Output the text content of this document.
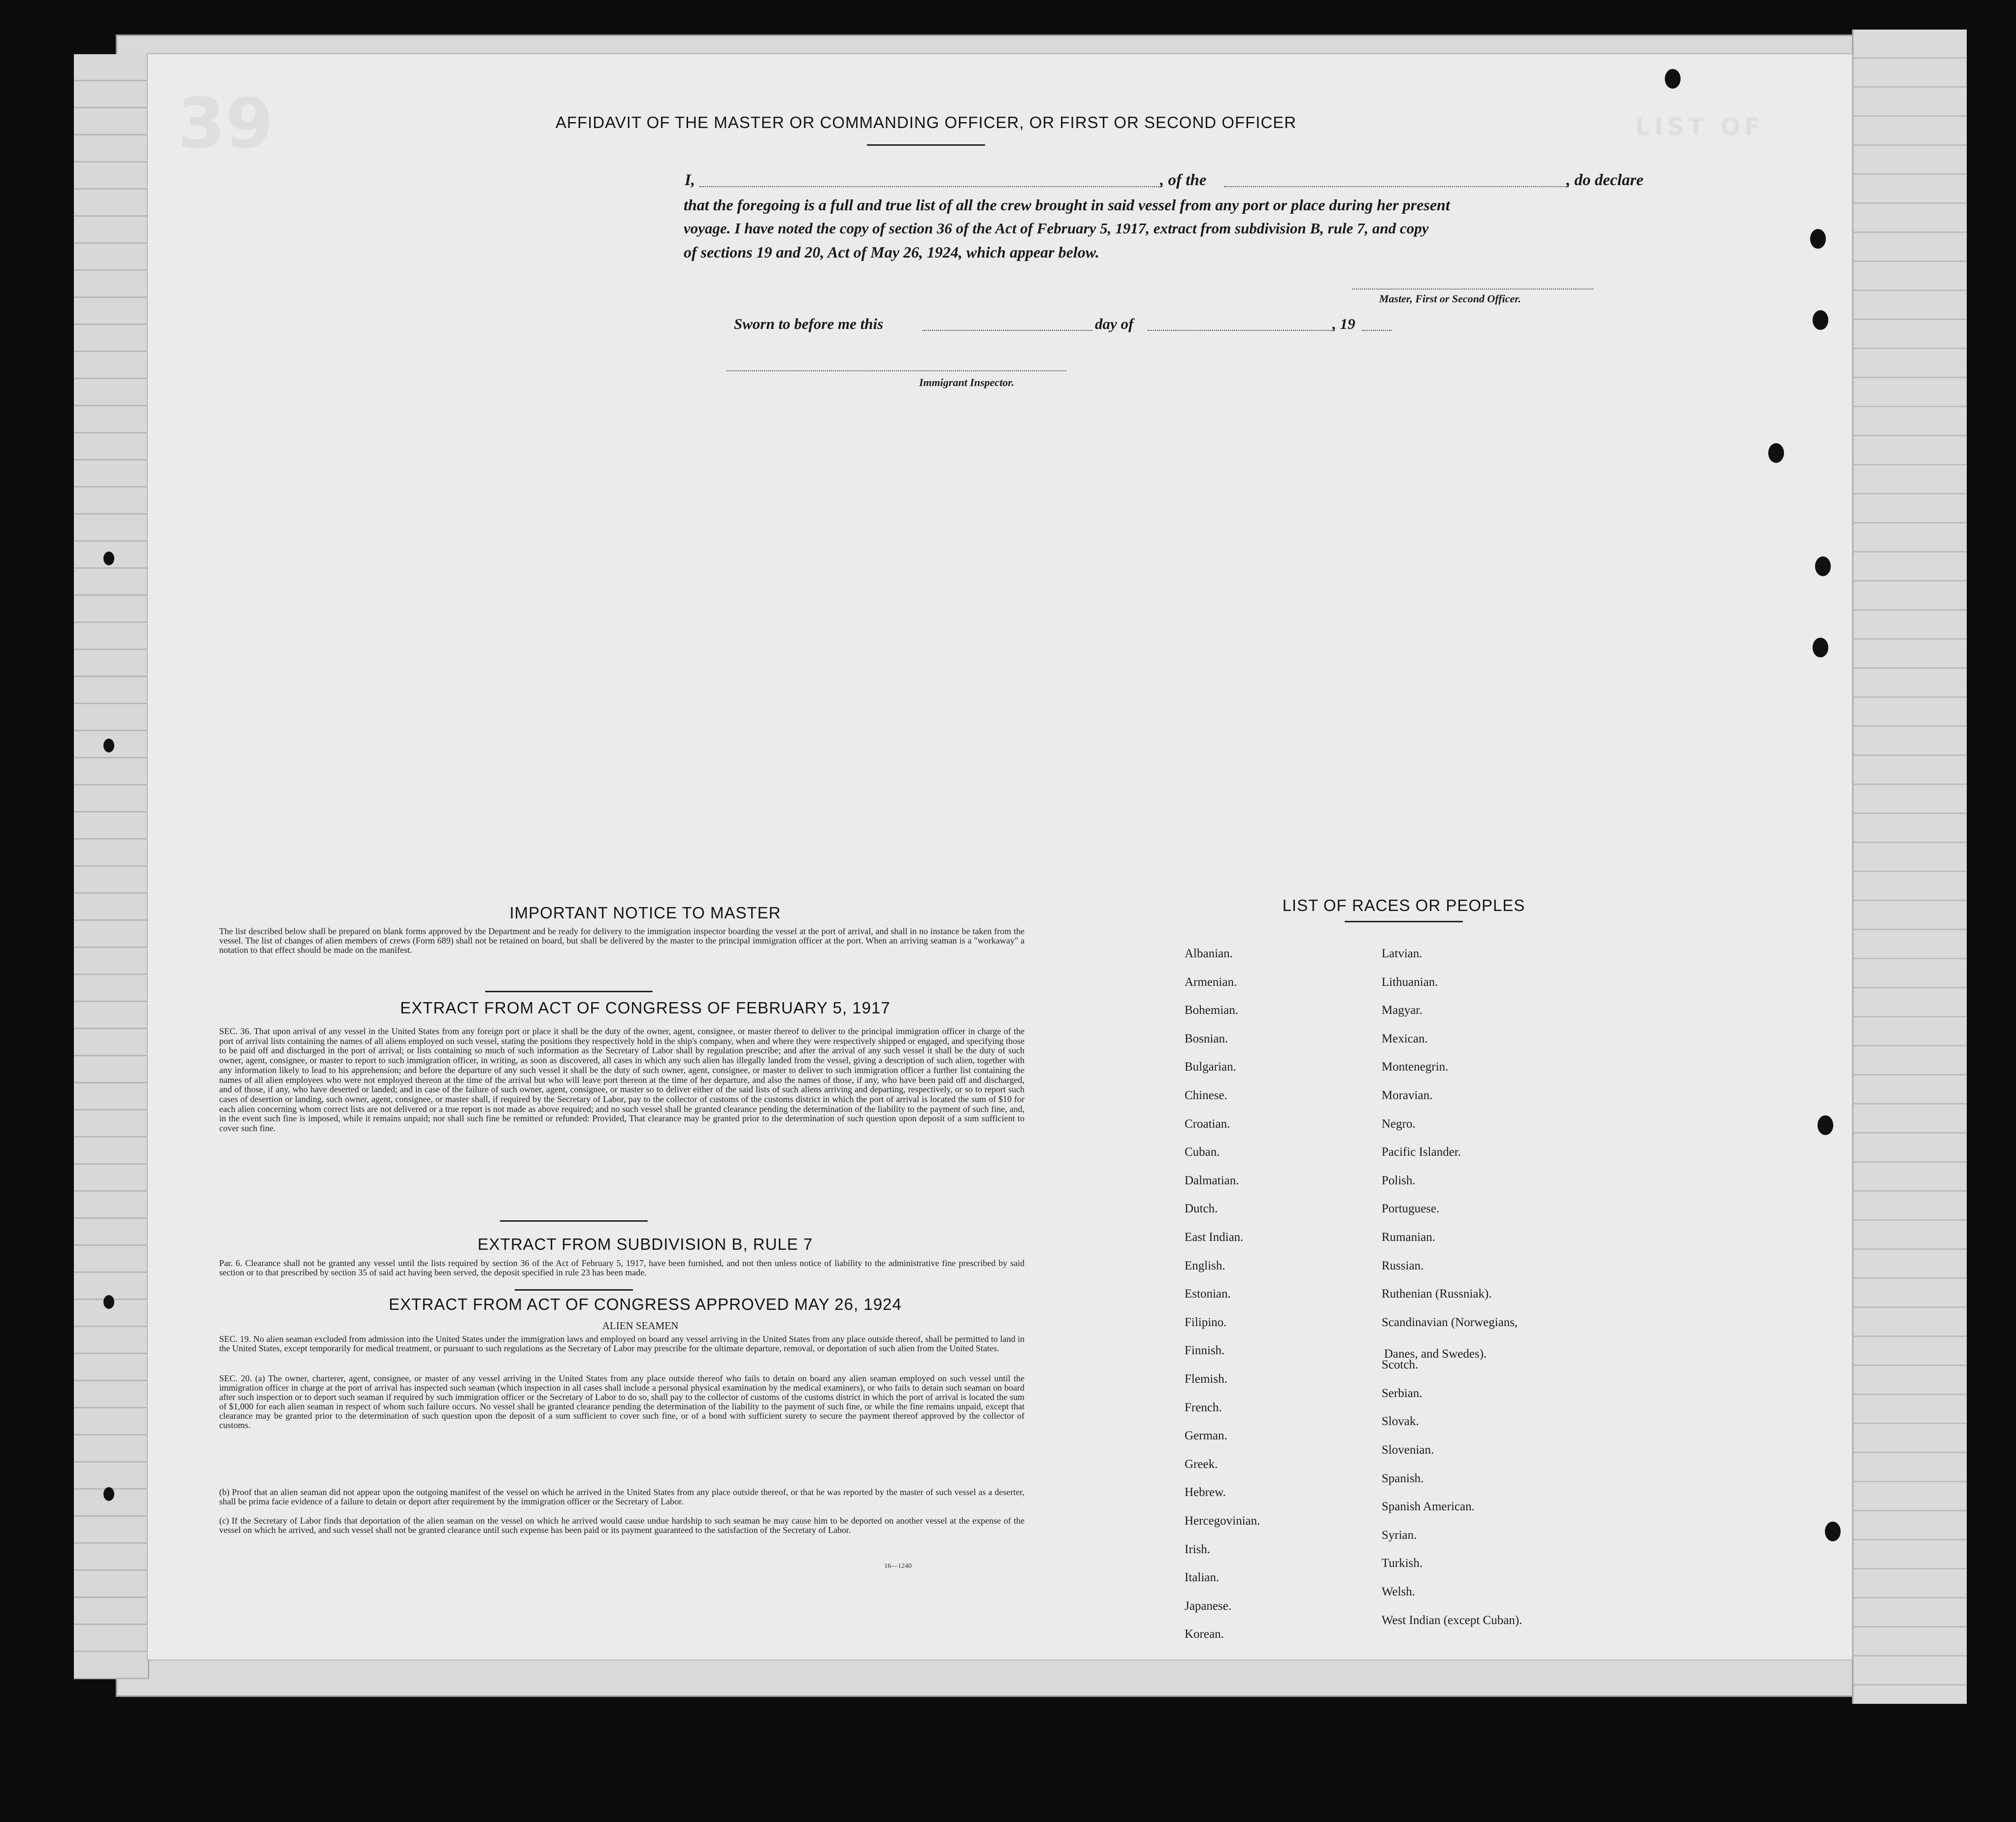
39	LIST OF
AFFIDAVIT OF THE MASTER OR COMMANDING OFFICER, OR FIRST OR SECOND OFFICER
I,	, of the	, do declare
that the foregoing is a full and true list of all the crew brought in said vessel from any port or place during her present
voyage. I have noted the copy of section 36 of the Act of February 5, 1917, extract from subdivision B, rule 7, and copy
of sections 19 and 20, Act of May 26, 1924, which appear below.
Master, First or Second Officer.
Sworn to before me this	day of	, 19
Immigrant Inspector.
IMPORTANT NOTICE TO MASTER

The list described below shall be prepared on blank forms approved by the Department and be ready for delivery to the immigration inspector boarding the vessel at the port of arrival, and shall in no instance be taken from the vessel. The list of changes of alien members of crews (Form 689) shall not be retained on board, but shall be delivered by the master to the principal immigration officer at the port. When an arriving seaman is a "workaway" a notation to that effect should be made on the manifest.

EXTRACT FROM ACT OF CONGRESS OF FEBRUARY 5, 1917

SEC. 36. That upon arrival of any vessel in the United States from any foreign port or place it shall be the duty of the owner, agent, consignee, or master thereof to deliver to the principal immigration officer in charge of the port of arrival lists containing the names of all aliens employed on such vessel, stating the positions they respectively hold in the ship's company, when and where they were respectively shipped or engaged, and specifying those to be paid off and discharged in the port of arrival; or lists containing so much of such information as the Secretary of Labor shall by regulation prescribe; and after the arrival of any such vessel it shall be the duty of such owner, agent, consignee, or master to report to such immigration officer, in writing, as soon as discovered, all cases in which any such alien has illegally landed from the vessel, giving a description of such alien, together with any information likely to lead to his apprehension; and before the departure of any such vessel it shall be the duty of such owner, agent, consignee, or master to deliver to such immigration officer a further list containing the names of all alien employees who were not employed thereon at the time of the arrival but who will leave port thereon at the time of her departure, and also the names of those, if any, who have been paid off and discharged, and of those, if any, who have deserted or landed; and in case of the failure of such owner, agent, consignee, or master so to deliver either of the said lists of such aliens arriving and departing, respectively, or so to report such cases of desertion or landing, such owner, agent, consignee, or master shall, if required by the Secretary of Labor, pay to the collector of customs of the customs district in which the port of arrival is located the sum of $10 for each alien concerning whom correct lists are not delivered or a true report is not made as above required; and no such vessel shall be granted clearance pending the determination of the liability to the payment of such fine, and, in the event such fine is imposed, while it remains unpaid; nor shall such fine be remitted or refunded: Provided, That clearance may be granted prior to the determination of such question upon deposit of a sum sufficient to cover such fine.

EXTRACT FROM SUBDIVISION B, RULE 7

Par. 6. Clearance shall not be granted any vessel until the lists required by section 36 of the Act of February 5, 1917, have been furnished, and not then unless notice of liability to the administrative fine prescribed by said section or to that prescribed by section 35 of said act having been served, the deposit specified in rule 23 has been made.

EXTRACT FROM ACT OF CONGRESS APPROVED MAY 26, 1924
ALIEN SEAMEN

SEC. 19. No alien seaman excluded from admission into the United States under the immigration laws and employed on board any vessel arriving in the United States from any place outside thereof, shall be permitted to land in the United States, except temporarily for medical treatment, or pursuant to such regulations as the Secretary of Labor may prescribe for the ultimate departure, removal, or deportation of such alien from the United States.

SEC. 20. (a) The owner, charterer, agent, consignee, or master of any vessel arriving in the United States from any place outside thereof who fails to detain on board any alien seaman employed on such vessel until the immigration officer in charge at the port of arrival has inspected such seaman (which inspection in all cases shall include a personal physical examination by the medical examiners), or who fails to detain such seaman on board after such inspection or to deport such seaman if required by such immigration officer or the Secretary of Labor to do so, shall pay to the collector of customs of the customs district in which the port of arrival is located the sum of $1,000 for each alien seaman in respect of whom such failure occurs. No vessel shall be granted clearance pending the determination of the liability to the payment of such fine, or while the fine remains unpaid, except that clearance may be granted prior to the determination of such question upon the deposit of a sum sufficient to cover such fine, or of a bond with sufficient surety to secure the payment thereof approved by the collector of customs.

(b) Proof that an alien seaman did not appear upon the outgoing manifest of the vessel on which he arrived in the United States from any place outside thereof, or that he was reported by the master of such vessel as a deserter, shall be prima facie evidence of a failure to detain or deport after requirement by the immigration officer or the Secretary of Labor.

(c) If the Secretary of Labor finds that deportation of the alien seaman on the vessel on which he arrived would cause undue hardship to such seaman he may cause him to be deported on another vessel at the expense of the vessel on which he arrived, and such vessel shall not be granted clearance until such expense has been paid or its payment guaranteed to the satisfaction of the Secretary of Labor.

16—1240
LIST OF RACES OR PEOPLES
Danes, and Swedes).
Albanian.
Armenian.
Bohemian.
Bosnian.
Bulgarian.
Chinese.
Croatian.
Cuban.
Dalmatian.
Dutch.
East Indian.
English.
Estonian.
Filipino.
Finnish.
Flemish.
French.
German.
Greek.
Hebrew.
Hercegovinian.
Irish.
Italian.
Japanese.
Korean.
Latvian.
Lithuanian.
Magyar.
Mexican.
Montenegrin.
Moravian.
Negro.
Pacific Islander.
Polish.
Portuguese.
Rumanian.
Russian.
Ruthenian (Russniak).
Scandinavian (Norwegians,
Scotch.
Serbian.
Slovak.
Slovenian.
Spanish.
Spanish American.
Syrian.
Turkish.
Welsh.
West Indian (except Cuban).
